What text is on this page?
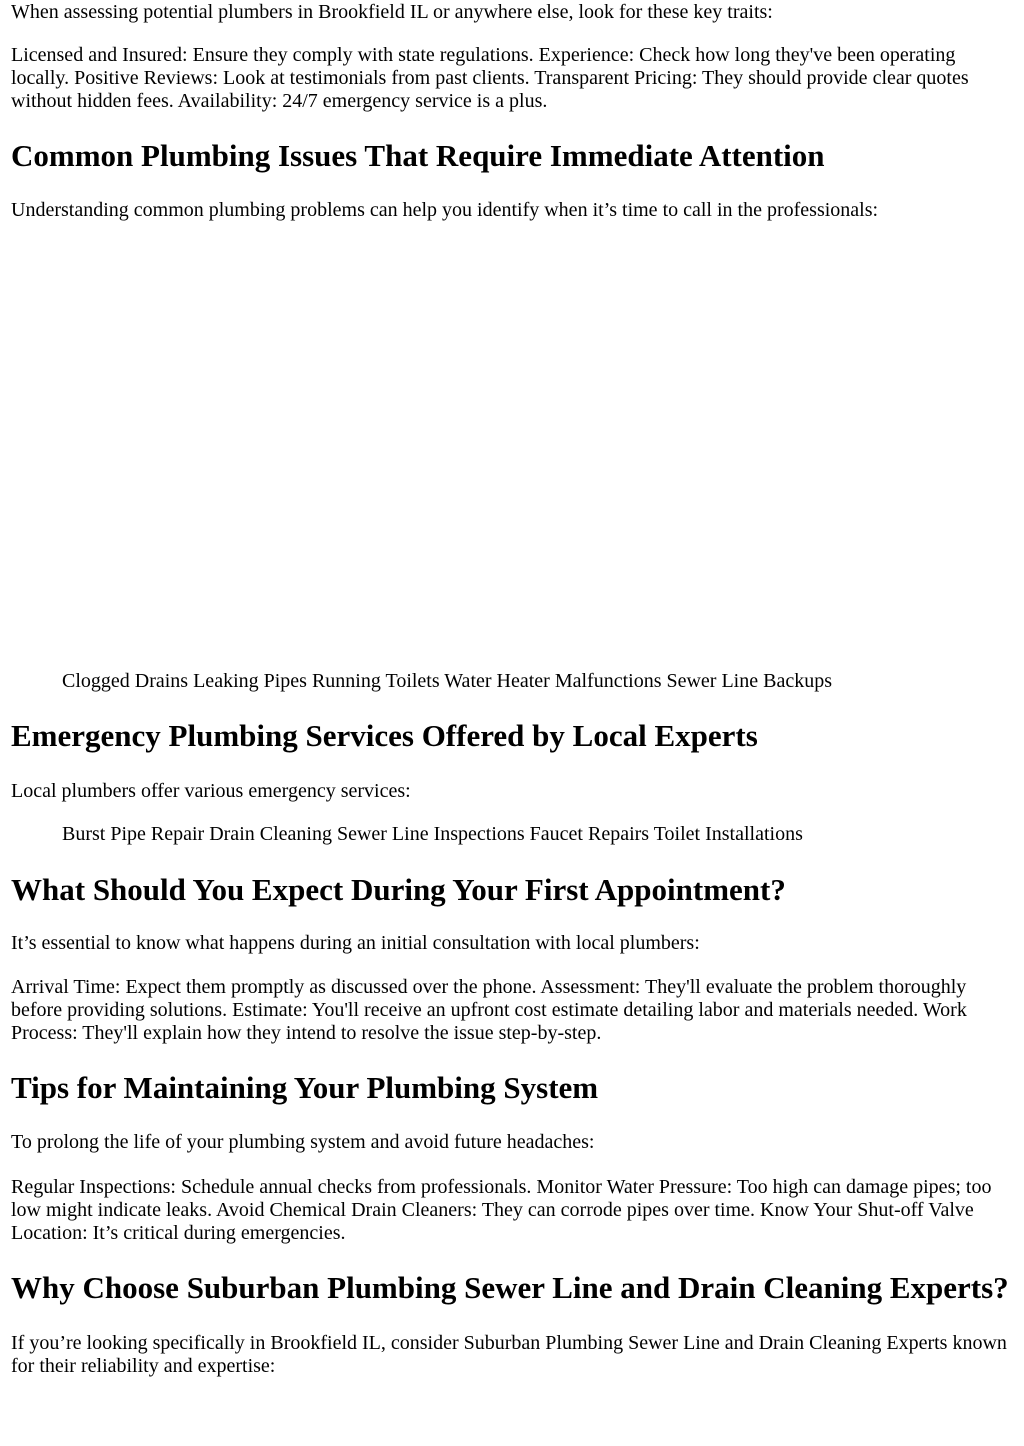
When assessing potential plumbers in Brookfield IL or anywhere else, look for these key traits:

Licensed and Insured: Ensure they comply with state regulations. Experience: Check how long they've been operating locally. Positive Reviews: Look at testimonials from past clients. Transparent Pricing: They should provide clear quotes without hidden fees. Availability: 24/7 emergency service is a plus.

Common Plumbing Issues That Require Immediate Attention

Understanding common plumbing problems can help you identify when it’s time to call in the professionals:

Clogged Drains Leaking Pipes Running Toilets Water Heater Malfunctions Sewer Line Backups

Emergency Plumbing Services Offered by Local Experts

Local plumbers offer various emergency services:

Burst Pipe Repair Drain Cleaning Sewer Line Inspections Faucet Repairs Toilet Installations

What Should You Expect During Your First Appointment?

It’s essential to know what happens during an initial consultation with local plumbers:

Arrival Time: Expect them promptly as discussed over the phone. Assessment: They'll evaluate the problem thoroughly before providing solutions. Estimate: You'll receive an upfront cost estimate detailing labor and materials needed. Work Process: They'll explain how they intend to resolve the issue step-by-step.

Tips for Maintaining Your Plumbing System

To prolong the life of your plumbing system and avoid future headaches:

Regular Inspections: Schedule annual checks from professionals. Monitor Water Pressure: Too high can damage pipes; too low might indicate leaks. Avoid Chemical Drain Cleaners: They can corrode pipes over time. Know Your Shut-off Valve Location: It’s critical during emergencies.

Why Choose Suburban Plumbing Sewer Line and Drain Cleaning Experts?

If you’re looking specifically in Brookfield IL, consider Suburban Plumbing Sewer Line and Drain Cleaning Experts known for their reliability and expertise:
